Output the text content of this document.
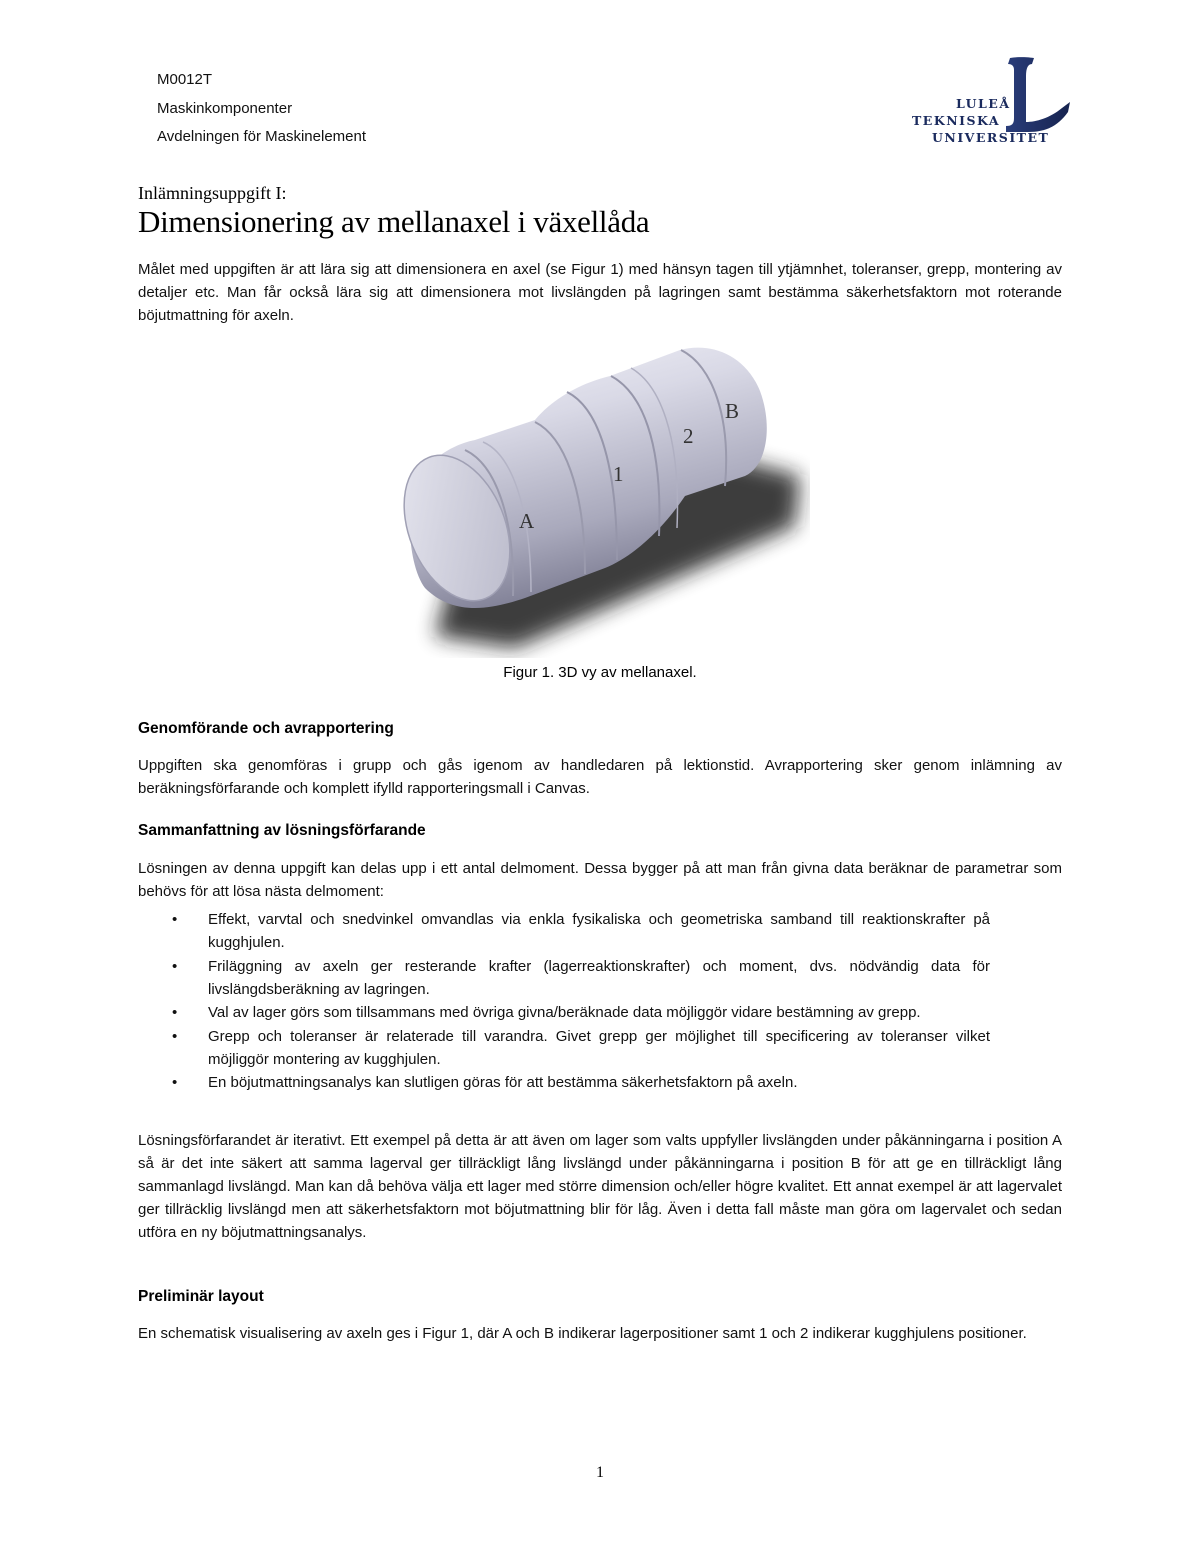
M0012T
Maskinkomponenter
Avdelningen för Maskinelement
LULEÅ
TEKNISKA
UNIVERSITET
Inlämningsuppgift I:
Dimensionering av mellanaxel i växellåda

Målet med uppgiften är att lära sig att dimensionera en axel (se Figur 1) med hänsyn tagen till ytjämnhet, toleranser, grepp, montering av detaljer etc. Man får också lära sig att dimensionera mot livslängden på lagringen samt bestämma säkerhetsfaktorn mot roterande böjutmattning för axeln.

A
1
2
B
Figur 1. 3D vy av mellanaxel.
Genomförande och avrapportering

Uppgiften ska genomföras i grupp och gås igenom av handledaren på lektionstid. Avrapportering sker genom inlämning av beräkningsförfarande och komplett ifylld rapporteringsmall i Canvas.

Sammanfattning av lösningsförfarande

Lösningen av denna uppgift kan delas upp i ett antal delmoment. Dessa bygger på att man från givna data beräknar de parametrar som behövs för att lösa nästa delmoment:

• Effekt, varvtal och snedvinkel omvandlas via enkla fysikaliska och geometriska samband till reaktionskrafter på kugghjulen.
• Friläggning av axeln ger resterande krafter (lagerreaktionskrafter) och moment, dvs. nödvändig data för livslängdsberäkning av lagringen.
• Val av lager görs som tillsammans med övriga givna/beräknade data möjliggör vidare bestämning av grepp.
• Grepp och toleranser är relaterade till varandra. Givet grepp ger möjlighet till specificering av toleranser vilket möjliggör montering av kugghjulen.
• En böjutmattningsanalys kan slutligen göras för att bestämma säkerhetsfaktorn på axeln.

Lösningsförfarandet är iterativt. Ett exempel på detta är att även om lager som valts uppfyller livslängden under påkänningarna i position A så är det inte säkert att samma lagerval ger tillräckligt lång livslängd under påkänningarna i position B för att ge en tillräckligt lång sammanlagd livslängd. Man kan då behöva välja ett lager med större dimension och/eller högre kvalitet. Ett annat exempel är att lagervalet ger tillräcklig livslängd men att säkerhetsfaktorn mot böjutmattning blir för låg. Även i detta fall måste man göra om lagervalet och sedan utföra en ny böjutmattningsanalys.

Preliminär layout

En schematisk visualisering av axeln ges i Figur 1, där A och B indikerar lagerpositioner samt 1 och 2 indikerar kugghjulens positioner.

1
